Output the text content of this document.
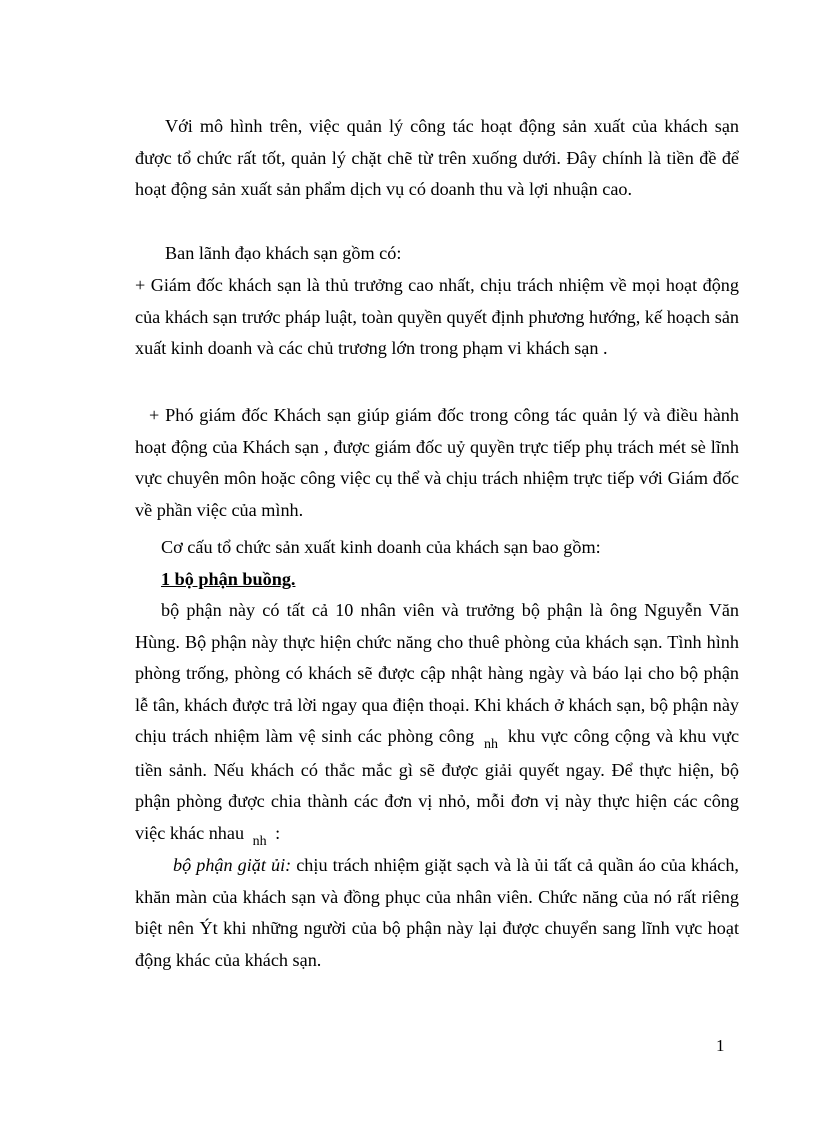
Với mô hình trên, việc quản lý công tác hoạt động sản xuất của khách sạn được tổ chức rất tốt, quản lý chặt chẽ từ trên xuống dưới. Đây chính là tiền đề để hoạt động sản xuất sản phẩm dịch vụ có doanh thu và lợi nhuận cao.
Ban lãnh đạo khách sạn gồm có:
+ Giám đốc khách sạn là thủ trưởng cao nhất, chịu trách nhiệm về mọi hoạt động của khách sạn trước pháp luật, toàn quyền quyết định phương hướng, kế hoạch sản xuất kinh doanh và các chủ trương lớn trong phạm vi khách sạn .
+ Phó giám đốc Khách sạn giúp giám đốc trong công tác quản lý và điều hành hoạt động của Khách sạn , được giám đốc uỷ quyền trực tiếp phụ trách mét sè lĩnh vực chuyên môn hoặc công việc cụ thể và chịu trách nhiệm trực tiếp với Giám đốc về phần việc của mình.
Cơ cấu tổ chức sản xuất kinh doanh của khách sạn bao gồm:
1 bộ phận buồng.
bộ phận này có tất cả 10 nhân viên và trưởng bộ phận là ông Nguyễn Văn Hùng. Bộ phận này thực hiện chức năng cho thuê phòng của khách sạn. Tình hình phòng trống, phòng có khách sẽ được cập nhật hàng ngày và báo lại cho bộ phận lễ tân, khách được trả lời ngay qua điện thoại. Khi khách ở khách sạn, bộ phận này chịu trách nhiệm làm vệ sinh các phòng công $_{nh}$ khu vực công cộng và khu vực tiền sảnh. Nếu khách có thắc mắc gì sẽ được giải quyết ngay. Để thực hiện, bộ phận phòng được chia thành các đơn vị nhỏ, mỗi đơn vị này thực hiện các công việc khác nhau $_{nh}$ :
bộ phận giặt ủi: chịu trách nhiệm giặt sạch và là ủi tất cả quần áo của khách, khăn màn của khách sạn và đồng phục của nhân viên. Chức năng của nó rất riêng biệt nên Ýt khi những người của bộ phận này lại được chuyển sang lĩnh vực hoạt động khác của khách sạn.
1
